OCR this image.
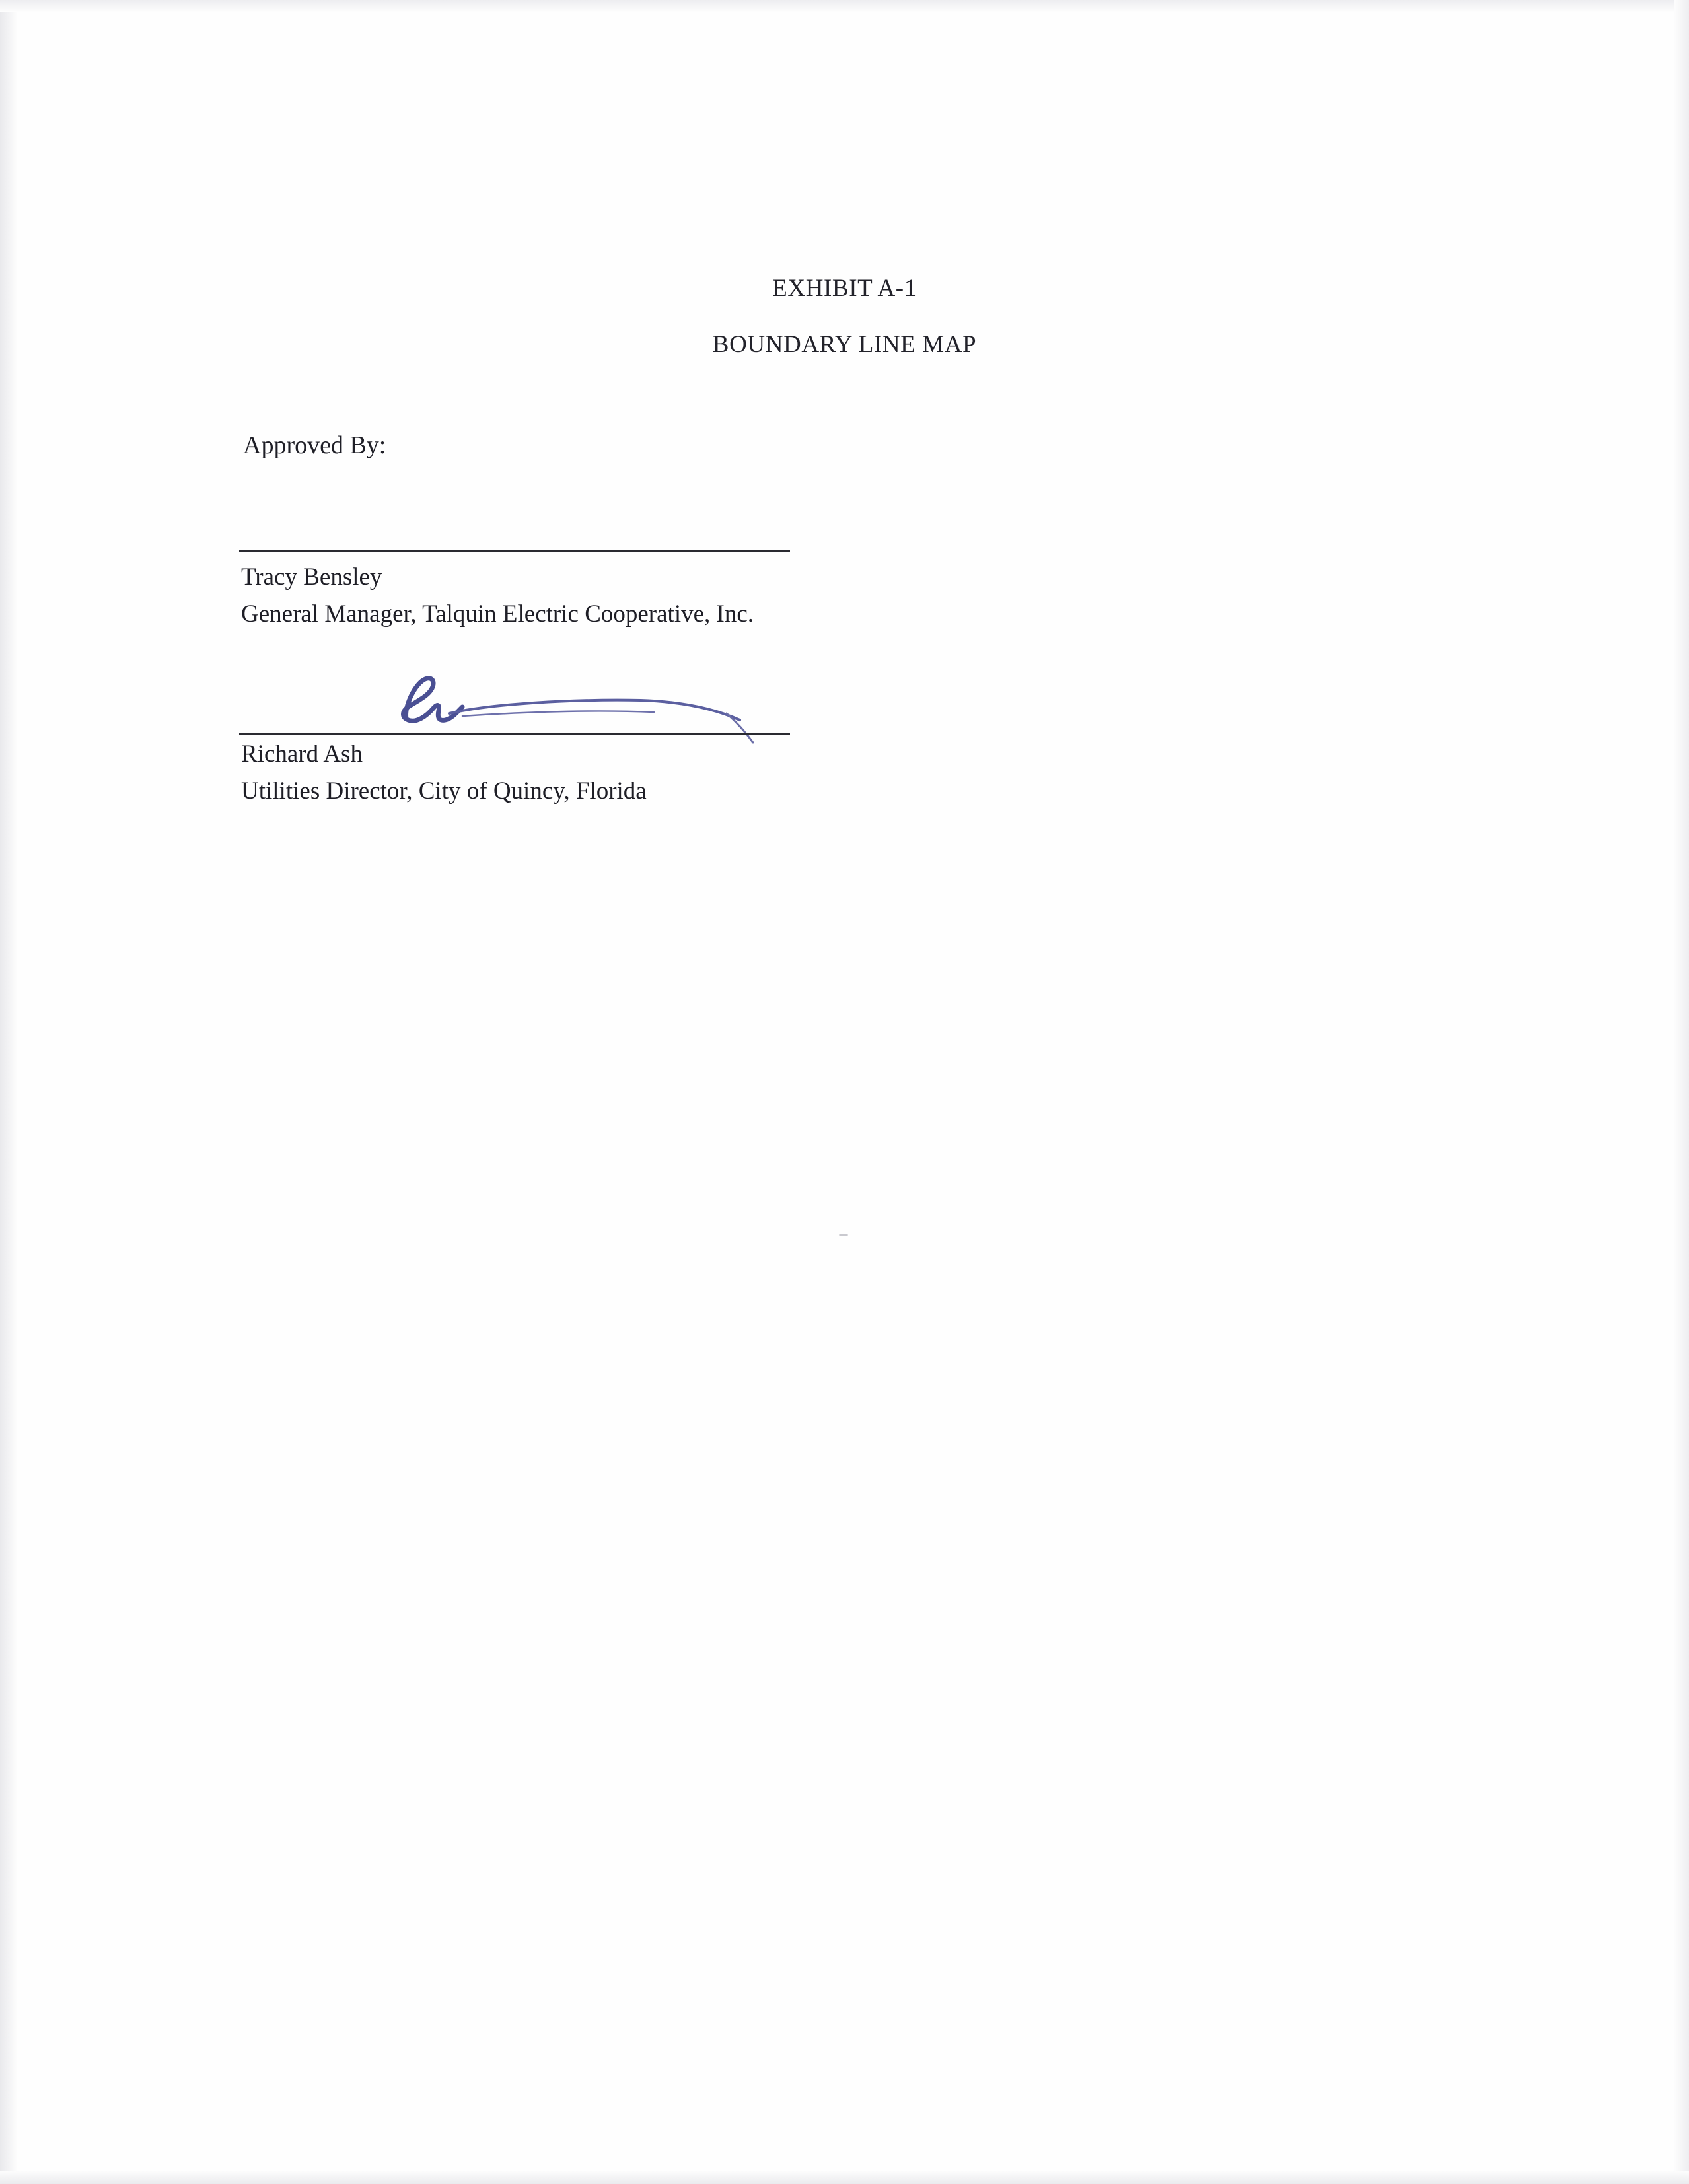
EXHIBIT A-1
BOUNDARY LINE MAP
Approved By:
Tracy Bensley
General Manager, Talquin Electric Cooperative, Inc.
Richard Ash
Utilities Director, City of Quincy, Florida
